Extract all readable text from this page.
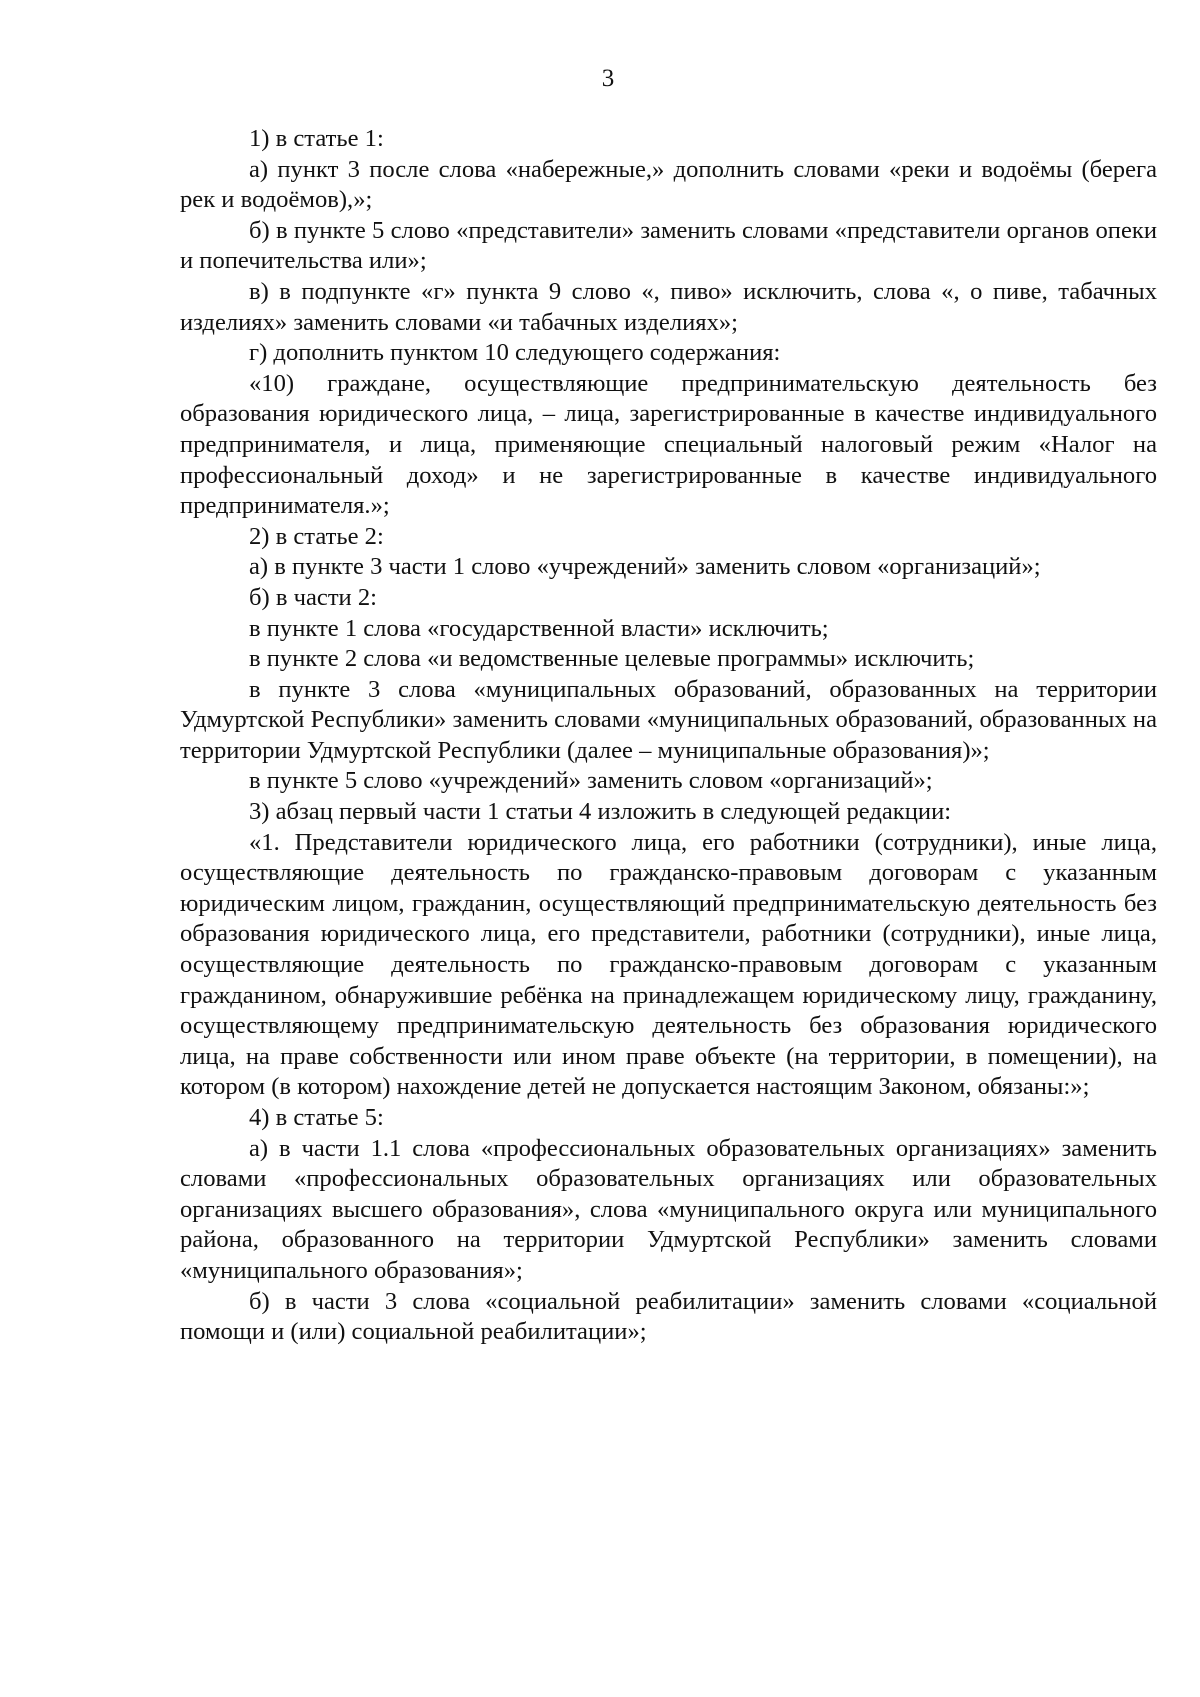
3

1) в статье 1:

а) пункт 3 после слова «набережные,» дополнить словами «реки и водоёмы (берега рек и водоёмов),»;

б) в пункте 5 слово «представители» заменить словами «представители органов опеки и попечительства или»;

в) в подпункте «г» пункта 9 слово «, пиво» исключить, слова «, о пиве, табачных изделиях» заменить словами «и табачных изделиях»;

г) дополнить пунктом 10 следующего содержания:

«10) граждане, осуществляющие предпринимательскую деятельность без образования юридического лица, – лица, зарегистрированные в качестве индивидуального предпринимателя, и лица, применяющие специальный налоговый режим «Налог на профессиональный доход» и не зарегистрированные в качестве индивидуального предпринимателя.»;

2) в статье 2:

а) в пункте 3 части 1 слово «учреждений» заменить словом «организаций»;

б) в части 2:

в пункте 1 слова «государственной власти» исключить;

в пункте 2 слова «и ведомственные целевые программы» исключить;

в пункте 3 слова «муниципальных образований, образованных на территории Удмуртской Республики» заменить словами «муниципальных образований, образованных на территории Удмуртской Республики (далее – муниципальные образования)»;

в пункте 5 слово «учреждений» заменить словом «организаций»;

3) абзац первый части 1 статьи 4 изложить в следующей редакции:

«1. Представители юридического лица, его работники (сотрудники), иные лица, осуществляющие деятельность по гражданско-правовым договорам с указанным юридическим лицом, гражданин, осуществляющий предпринимательскую деятельность без образования юридического лица, его представители, работники (сотрудники), иные лица, осуществляющие деятельность по гражданско-правовым договорам с указанным гражданином, обнаружившие ребёнка на принадлежащем юридическому лицу, гражданину, осуществляющему предпринимательскую деятельность без образования юридического лица, на праве собственности или ином праве объекте (на территории, в помещении), на котором (в котором) нахождение детей не допускается настоящим Законом, обязаны:»;

4) в статье 5:

а) в части 1.1 слова «профессиональных образовательных организациях» заменить словами «профессиональных образовательных организациях или образовательных организациях высшего образования», слова «муниципального округа или муниципального района, образованного на территории Удмуртской Республики» заменить словами «муниципального образования»;

б) в части 3 слова «социальной реабилитации» заменить словами «социальной помощи и (или) социальной реабилитации»;
